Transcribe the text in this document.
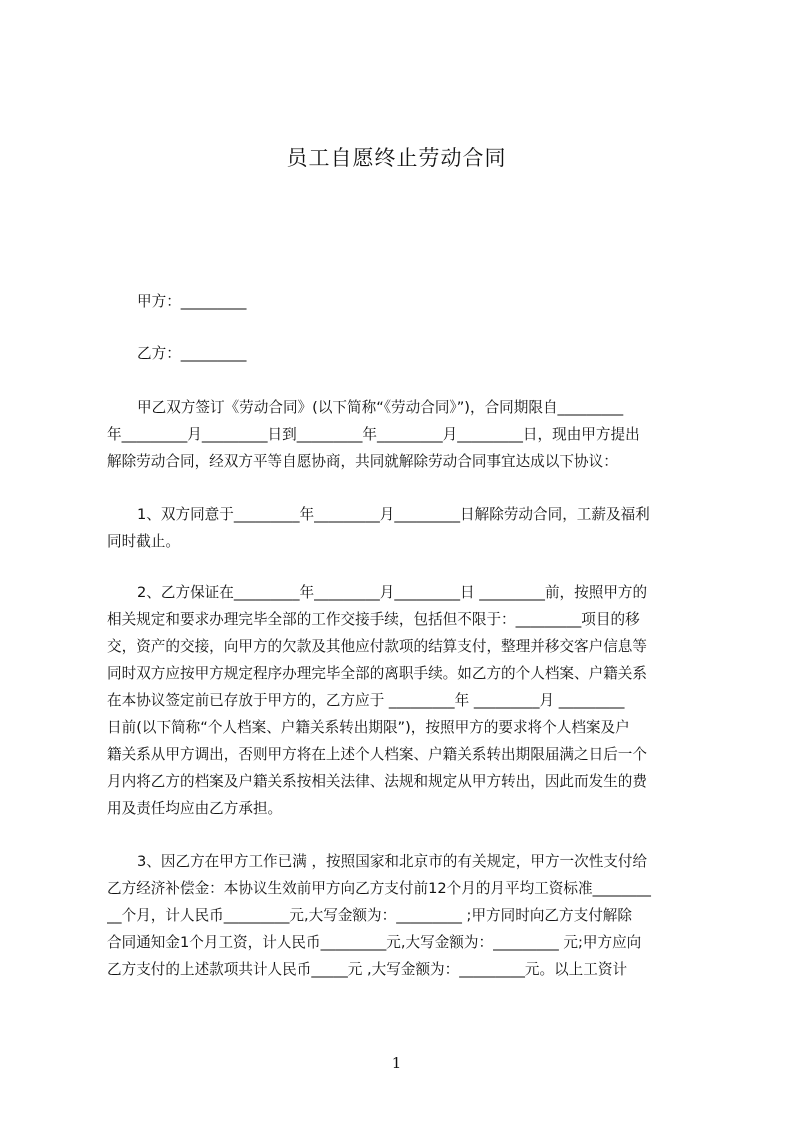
员工自愿终止劳动合同
甲方：_________
乙方：_________
甲乙双方签订《劳动合同》(以下简称“《劳动合同》”)，合同期限自_________
年_________月_________日到_________年_________月_________日，现由甲方提出
解除劳动合同，经双方平等自愿协商，共同就解除劳动合同事宜达成以下协议：
1、双方同意于_________年_________月_________日解除劳动合同，工薪及福利
同时截止。
2、乙方保证在_________年_________月_________日 _________前，按照甲方的
相关规定和要求办理完毕全部的工作交接手续，包括但不限于：_________项目的移
交，资产的交接，向甲方的欠款及其他应付款项的结算支付，整理并移交客户信息等
同时双方应按甲方规定程序办理完毕全部的离职手续。如乙方的个人档案、户籍关系
在本协议签定前已存放于甲方的，乙方应于 _________年 _________月 _________
日前(以下简称“个人档案、户籍关系转出期限”)，按照甲方的要求将个人档案及户
籍关系从甲方调出，否则甲方将在上述个人档案、户籍关系转出期限届满之日后一个
月内将乙方的档案及户籍关系按相关法律、法规和规定从甲方转出，因此而发生的费
用及责任均应由乙方承担。
3、因乙方在甲方工作已满 ，按照国家和北京市的有关规定，甲方一次性支付给
乙方经济补偿金：本协议生效前甲方向乙方支付前12个月的月平均工资标准________
__个月，计人民币_________元,大写金额为：_________ ;甲方同时向乙方支付解除
合同通知金1个月工资，计人民币_________元,大写金额为：_________ 元;甲方应向
乙方支付的上述款项共计人民币_____元 ,大写金额为：_________元。以上工资计
1
